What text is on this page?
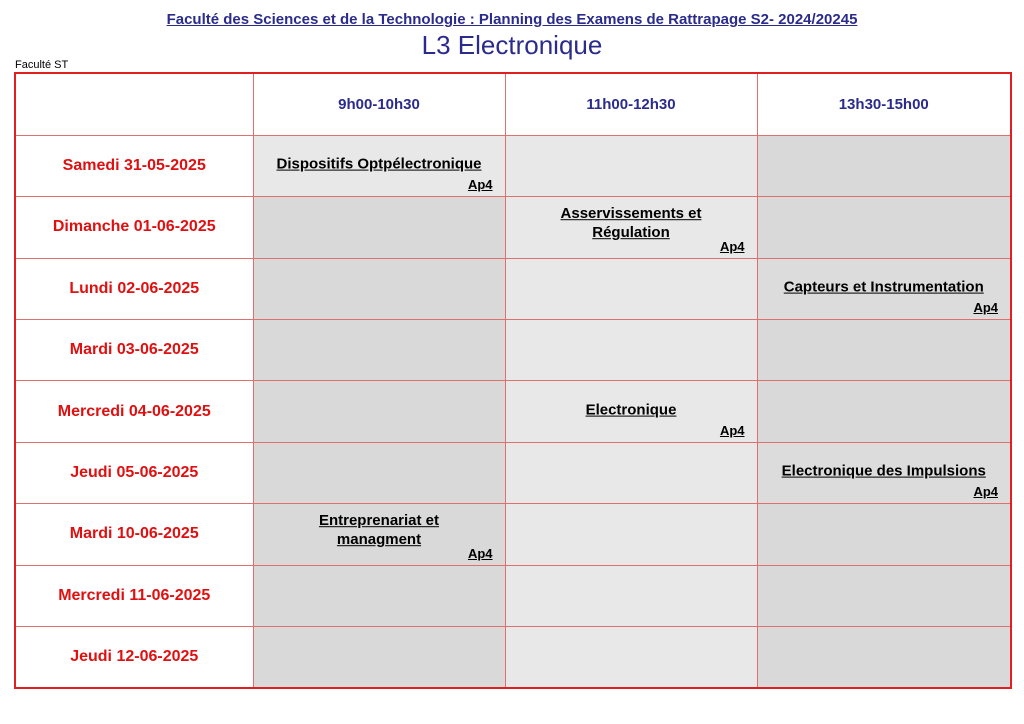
Faculté des Sciences et de la Technologie : Planning des Examens de Rattrapage S2- 2024/20245
L3 Electronique
Faculté ST
	9h00-10h30	11h00-12h30	13h30-15h00
Samedi 31-05-2025	Dispositifs Optpélectronique
Ap4		

Dimanche 01-06-2025		Asservissements et
Régulation
Ap4	

Lundi 02-06-2025			Capteurs et Instrumentation
Ap4

Mardi 03-06-2025			
Mercredi 04-06-2025		Electronique
Ap4	

Jeudi 05-06-2025			Electronique des Impulsions
Ap4

Mardi 10-06-2025	Entreprenariat et
managment
Ap4		

Mercredi 11-06-2025			
Jeudi 12-06-2025			
